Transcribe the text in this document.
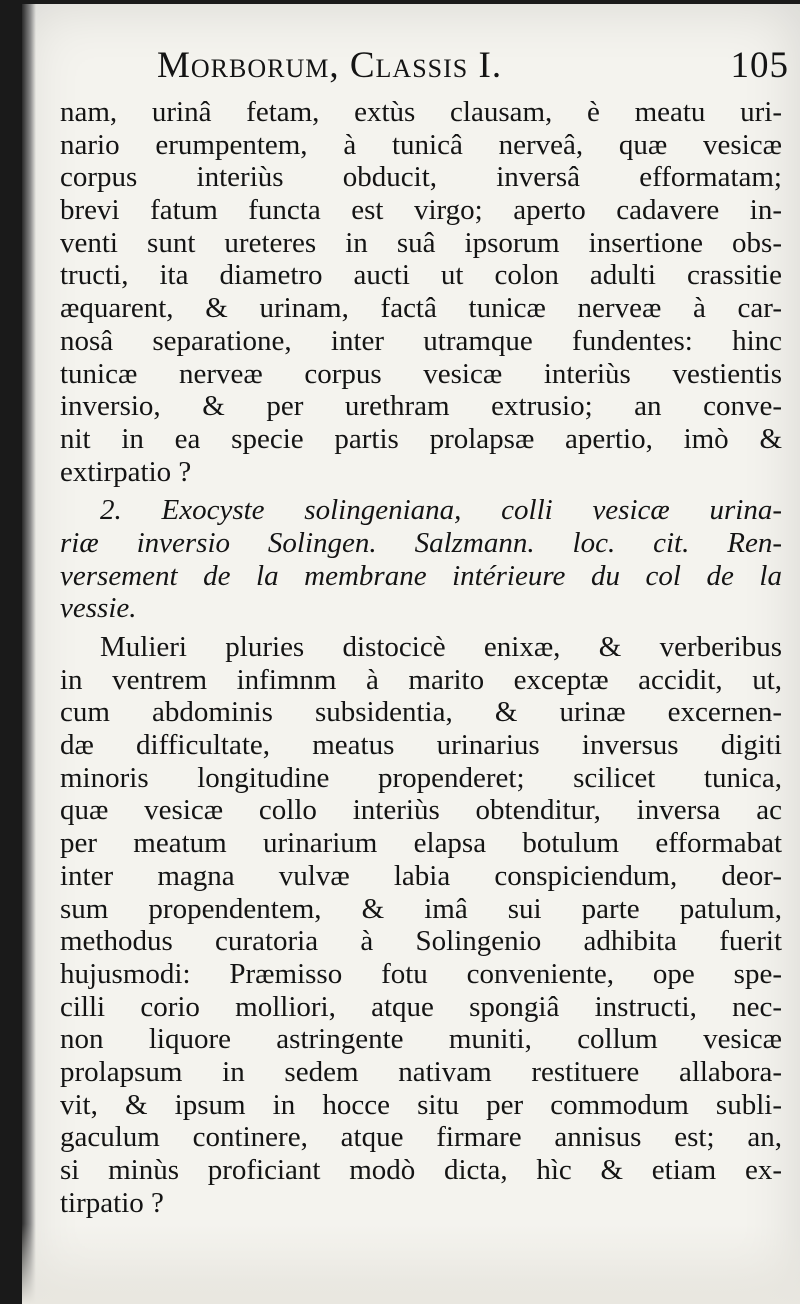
Morborum, Classis I.	105
nam, urinâ fetam, extùs clausam, è meatu uri-
nario erumpentem, à tunicâ nerveâ, quæ vesicæ
corpus interiùs obducit, inversâ efformatam;
brevi fatum functa est virgo; aperto cadavere in-
venti sunt ureteres in suâ ipsorum insertione obs-
tructi, ita diametro aucti ut colon adulti crassitie
æquarent, & urinam, factâ tunicæ nerveæ à car-
nosâ separatione, inter utramque fundentes: hinc
tunicæ nerveæ corpus vesicæ interiùs vestientis
inversio, & per urethram extrusio; an conve-
nit in ea specie partis prolapsæ apertio, imò &
extirpatio ?
2. Exocyste solingeniana, colli vesicæ urina-
riæ inversio Solingen. Salzmann. loc. cit. Ren-
versement de la membrane intérieure du col de la
vessie.
Mulieri pluries distocicè enixæ, & verberibus
in ventrem infimnm à marito exceptæ accidit, ut,
cum abdominis subsidentia, & urinæ excernen-
dæ difficultate, meatus urinarius inversus digiti
minoris longitudine propenderet; scilicet tunica,
quæ vesicæ collo interiùs obtenditur, inversa ac
per meatum urinarium elapsa botulum efformabat
inter magna vulvæ labia conspiciendum, deor-
sum propendentem, & imâ sui parte patulum,
methodus curatoria à Solingenio adhibita fuerit
hujusmodi: Præmisso fotu conveniente, ope spe-
cilli corio molliori, atque spongiâ instructi, nec-
non liquore astringente muniti, collum vesicæ
prolapsum in sedem nativam restituere allabora-
vit, & ipsum in hocce situ per commodum subli-
gaculum continere, atque firmare annisus est; an,
si minùs proficiant modò dicta, hìc & etiam ex-
tirpatio ?
